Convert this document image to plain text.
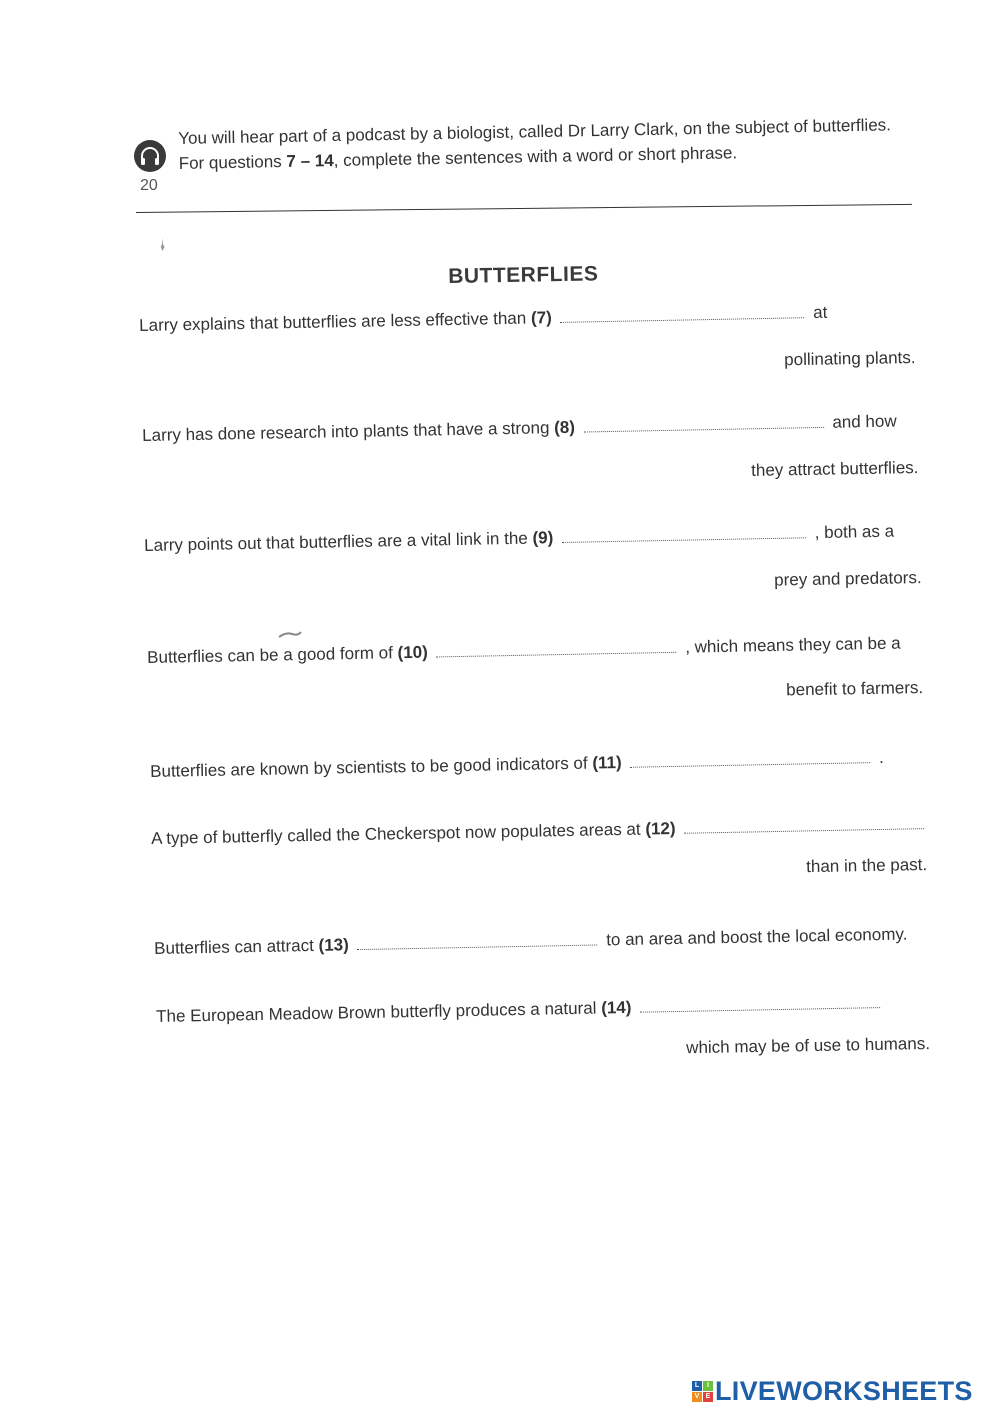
20
You will hear part of a podcast by a biologist, called Dr Larry Clark, on the subject of butterflies. For questions 7 – 14, complete the sentences with a word or short phrase.
BUTTERFLIES
Larry explains that butterflies are less effective than (7)	at
pollinating plants.
Larry has done research into plants that have a strong (8)	and how
they attract butterflies.
Larry points out that butterflies are a vital link in the (9)	, both as a
prey and predators.
Butterflies can be a good form of (10)	, which means they can be a
benefit to farmers.
Butterflies are known by scientists to be good indicators of (11)	.
A type of butterfly called the Checkerspot now populates areas at (12)
than in the past.
Butterflies can attract (13)	to an area and boost the local economy.
The European Meadow Brown butterfly produces a natural (14)
which may be of use to humans.
L	I
V E LIVEWORKSHEETS
